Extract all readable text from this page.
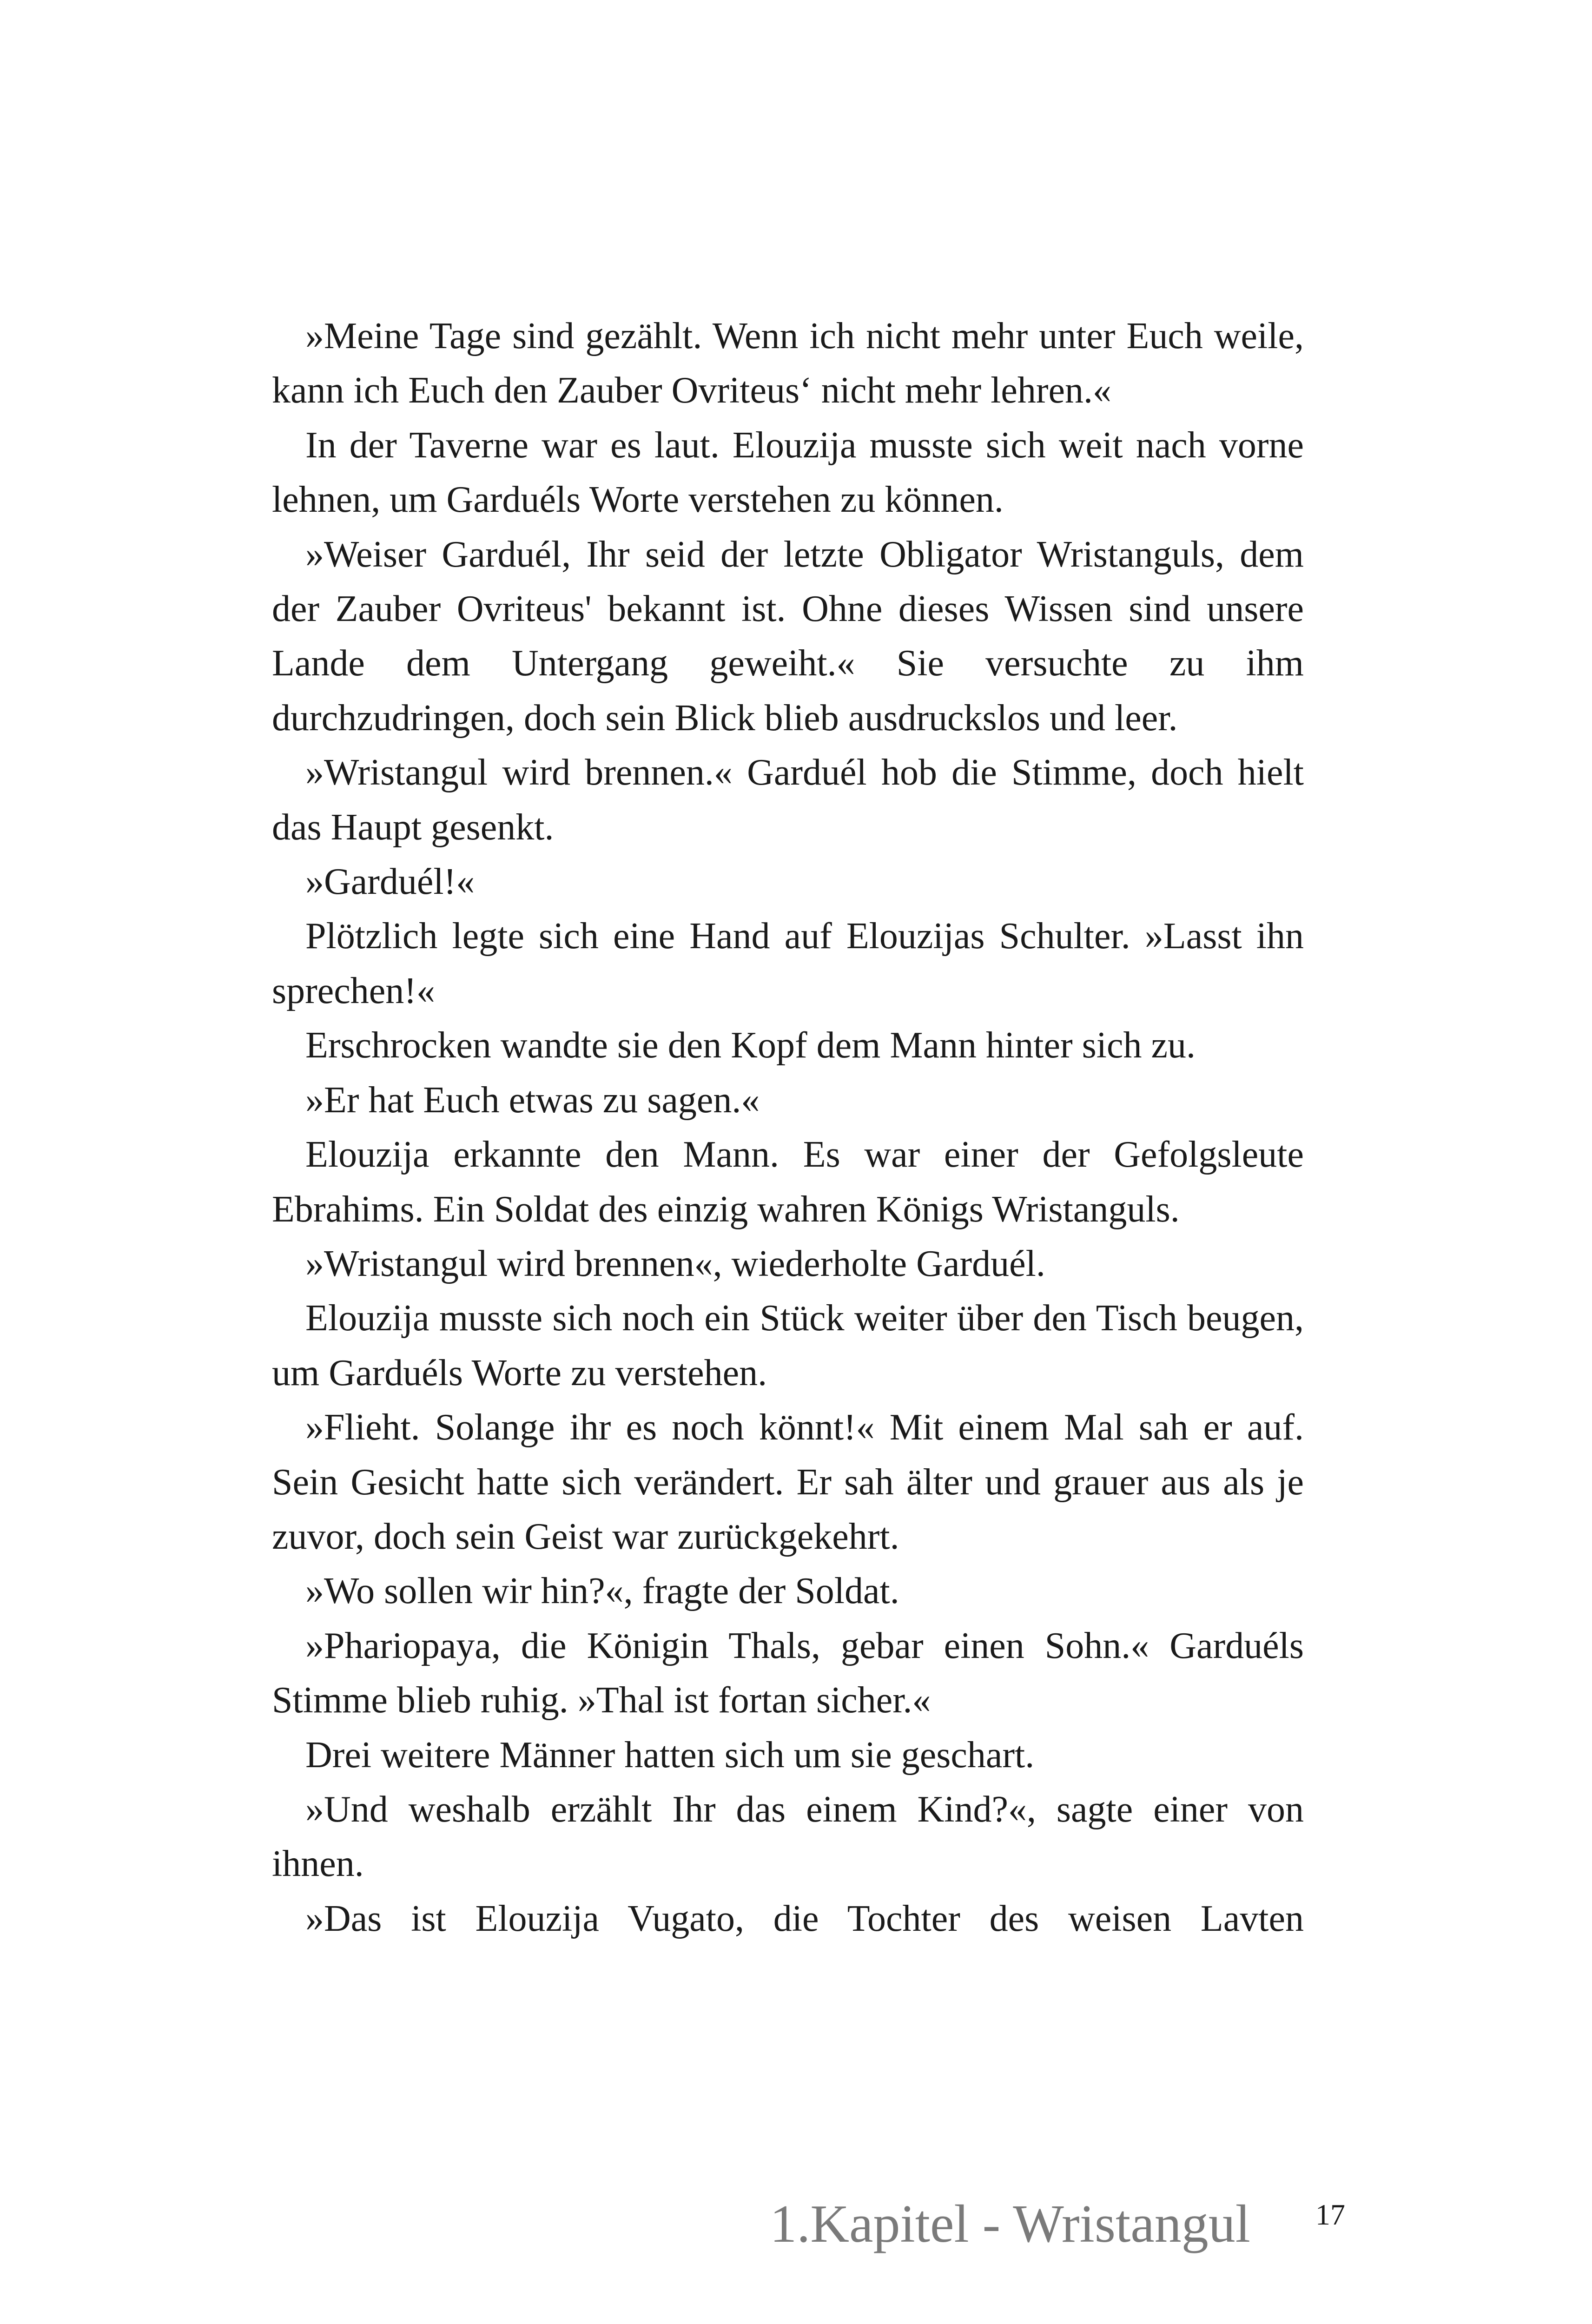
»Meine Tage sind gezählt. Wenn ich nicht mehr unter Euch weile, kann ich Euch den Zauber Ovriteus‘ nicht mehr lehren.«

In der Taverne war es laut. Elouzija musste sich weit nach vorne lehnen, um Garduéls Worte verstehen zu können.

»Weiser Garduél, Ihr seid der letzte Obligator Wristanguls, dem der Zauber Ovriteus' bekannt ist. Ohne dieses Wissen sind unsere Lande dem Untergang geweiht.« Sie versuchte zu ihm durchzudringen, doch sein Blick blieb ausdruckslos und leer.

»Wristangul wird brennen.« Garduél hob die Stimme, doch hielt das Haupt gesenkt.

»Garduél!«

Plötzlich legte sich eine Hand auf Elouzijas Schulter. »Lasst ihn sprechen!«

Erschrocken wandte sie den Kopf dem Mann hinter sich zu.

»Er hat Euch etwas zu sagen.«

Elouzija erkannte den Mann. Es war einer der Gefolgsleute Ebrahims. Ein Soldat des einzig wahren Königs Wristanguls.

»Wristangul wird brennen«, wiederholte Garduél.

Elouzija musste sich noch ein Stück weiter über den Tisch beugen, um Garduéls Worte zu verstehen.

»Flieht. Solange ihr es noch könnt!« Mit einem Mal sah er auf. Sein Gesicht hatte sich verändert. Er sah älter und grauer aus als je zuvor, doch sein Geist war zurückgekehrt.

»Wo sollen wir hin?«, fragte der Soldat.

»Phariopaya, die Königin Thals, gebar einen Sohn.« Garduéls Stimme blieb ruhig. »Thal ist fortan sicher.«

Drei weitere Männer hatten sich um sie geschart.

»Und weshalb erzählt Ihr das einem Kind?«, sagte einer von ihnen.

»Das ist Elouzija Vugato, die Tochter des weisen Lavten

1.Kapitel - Wristangul 17
